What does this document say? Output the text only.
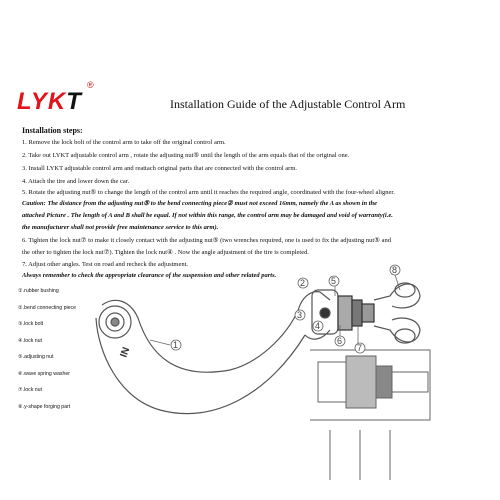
LYKT
®
Installation Guide of the Adjustable Control Arm
Installation steps:
1. Remove the lock bolt of the control arm to take off the original control arm.
2. Take out LYKT adjustable control arm , rotate the adjusting nut⑤ until the length of the arm equals that of the original one.
3. Install LYKT adjustable control arm and reattach original parts that are connected with the control arm.
4. Attach the tire and lower down the car.
5. Rotate the adjusting nut⑤ to change the length of the control arm until it reaches the required angle, coordinated with the four-wheel aligner.
Caution: The distance from the adjusting nut⑤ to the bend connecting piece② must not exceed 16mm, namely the A as shown in the
attached Picture . The length of A and B shall be equal. If not within this range, the control arm may be damaged and void of warranty(i.e.
the manufacturer shall not provide free maintenance service to this arm).
6. Tighten the lock nut⑦ to make it closely contact with the adjusting nut⑤ (two wrenches required, one is used to fix the adjusting nut⑤ and
the other to tighten the lock nut⑦). Tighten the lock nut④ . Now the angle adjustment of the tire is completed.
7. Adjust other angles. Test on road and recheck the adjustment.
Always remember to check the appropriate clearance of the suspension and other related parts.
①.rubber bushing
②.bend connecting piece
③.lock bolt
④.lock nut
⑤.adjusting nut
⑥.wave spring washer
⑦.lock nut
⑧.y-shape forging part
IN
1
3
2
4
5
6
7
8
